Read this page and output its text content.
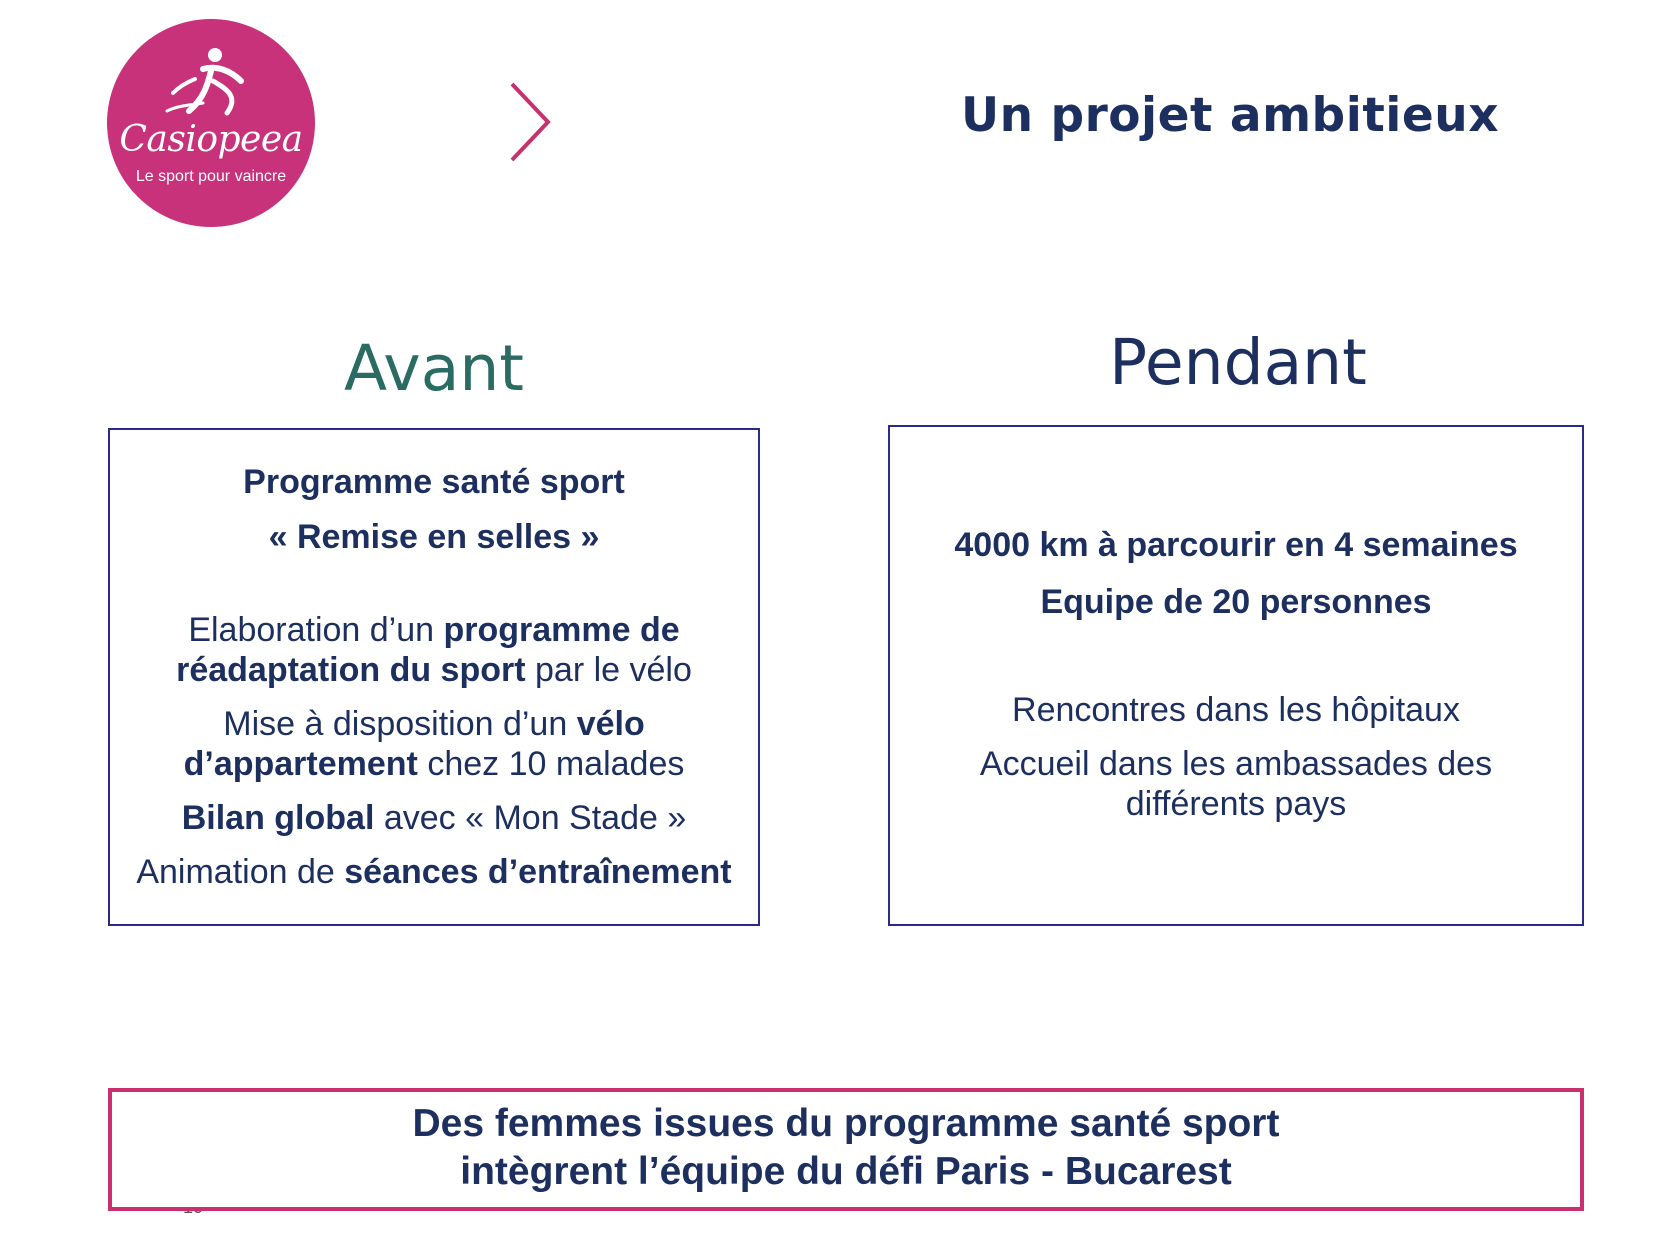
Casiopeea
Le sport pour vaincre
Un projet ambitieux
Avant	Pendant
Programme santé sport
« Remise en selles »
Elaboration d’un programme de
réadaptation du sport par le vélo
Mise à disposition d’un vélo
d’appartement chez 10 malades
Bilan global avec « Mon Stade »
Animation de séances d’entraînement
4000 km à parcourir en 4 semaines
Equipe de 20 personnes
Rencontres dans les hôpitaux
Accueil dans les ambassades des
différents pays
Des femmes issues du programme santé sport
intègrent l’équipe du défi Paris - Bucarest
